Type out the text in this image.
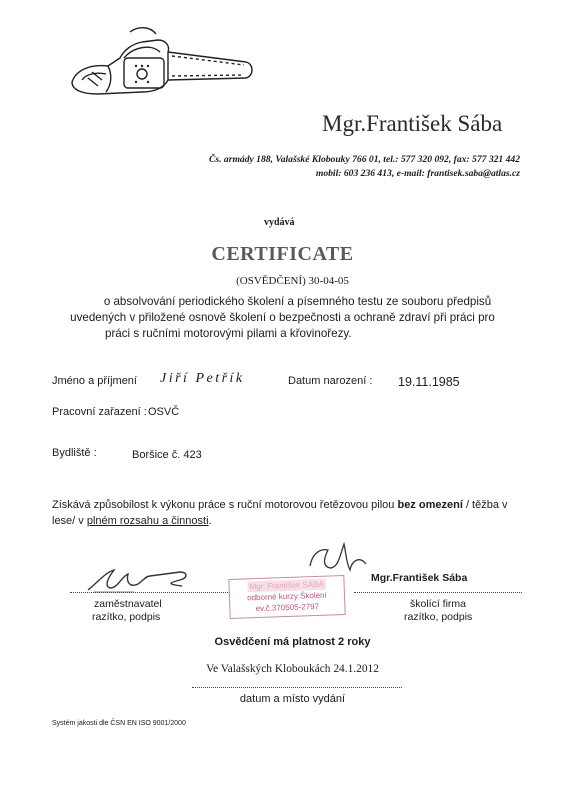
Mgr.František Sába
Čs. armády 188, Valašské Klobouky 766 01, tel.: 577 320 092, fax: 577 321 442
mobil: 603 236 413, e-mail: frantisek.saba@atlas.cz
vydává
CERTIFICATE
(OSVĚDČENÍ) 30-04-05
o absolvování periodického školení a písemného testu ze souboru předpisů
uvedených v přiložené osnově školení o bezpečnosti a ochraně zdraví při práci pro
práci s ručními motorovými pilami a křovinořezy.
Jméno a příjmení Jiří Petřík	Datum narození : 19.11.1985
Pracovní zařazení : OSVČ
Bydliště :	Boršice č. 423
Získává způsobilost k výkonu práce s ruční motorovou řetězovou pilou bez omezení / těžba v lese/ v plném rozsahu a činnosti.
zaměstnavatel
razítko, podpis
Mgr. František SÁBA
odborné kurzy Školení
ev.č.370505-2797
Mgr.František Sába
školící firma
razítko, podpis
Osvědčení má platnost 2 roky
Ve Valašských Kloboukách 24.1.2012
datum a místo vydání
Systém jakosti dle ČSN EN ISO 9001/2000
